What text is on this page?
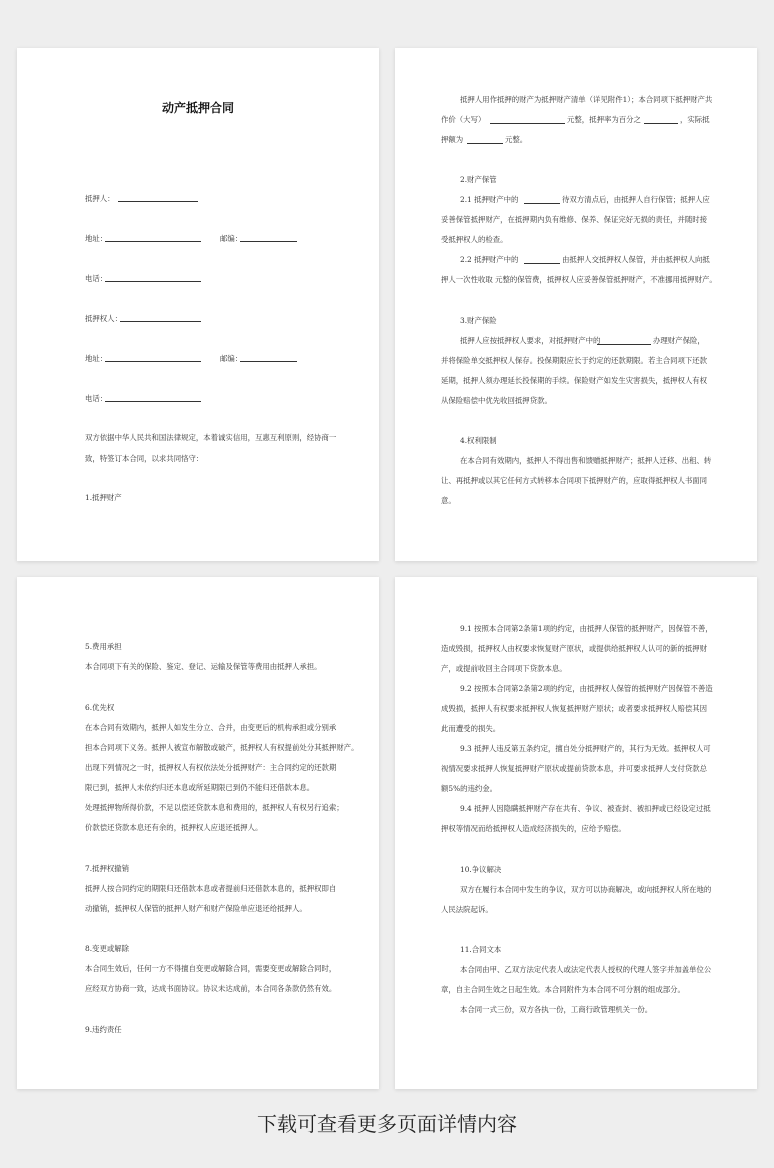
动产抵押合同
抵押人：
地址：	邮编：
电话：
抵押权人：
地址：	邮编：
电话：
双方依据中华人民共和国法律规定，本着诚实信用，互惠互利原则，经协商一
致，特签订本合同，以求共同恪守：
1.抵押财产
抵押人用作抵押的财产为抵押财产清单（详见附件1）；本合同项下抵押财产共
作价（大写）	元整，抵押率为百分之	，实际抵
押额为	元整。
2.财产保管
2.1 抵押财产中的	待双方清点后，由抵押人自行保管；抵押人应
妥善保管抵押财产，在抵押期内负有维修、保养、保证完好无损的责任，并随时接
受抵押权人的检查。
2.2 抵押财产中的	由抵押人交抵押权人保管，并由抵押权人向抵
押人一次性收取 元整的保管费，抵押权人应妥善保管抵押财产，不准挪用抵押财产。
3.财产保险
抵押人应按抵押权人要求，对抵押财产中的	办理财产保险，
并将保险单交抵押权人保存。投保期限应长于约定的还款期限。若主合同项下还款
延期，抵押人须办理延长投保期的手续。保险财产如发生灾害损失，抵押权人有权
从保险赔偿中优先收回抵押贷款。
4.权利限制
在本合同有效期内，抵押人不得出售和馈赠抵押财产；抵押人迁移、出租、转
让、再抵押或以其它任何方式转移本合同项下抵押财产的，应取得抵押权人书面同
意。
5.费用承担
本合同项下有关的保险、鉴定、登记、运输及保管等费用由抵押人承担。
6.优先权
在本合同有效期内，抵押人如发生分立、合并，由变更后的机构承担或分别承
担本合同项下义务。抵押人被宣布解散或破产，抵押权人有权提前处分其抵押财产。
出现下列情况之一时，抵押权人有权依法处分抵押财产：主合同约定的还款期
限已到，抵押人未依约归还本息或所延期限已到仍不能归还借款本息。
处理抵押物所得价款，不足以偿还贷款本息和费用的，抵押权人有权另行追索；
价款偿还贷款本息还有余的，抵押权人应退还抵押人。
7.抵押权撤销
抵押人按合同约定的期限归还借款本息或者提前归还借款本息的，抵押权即自
动撤销，抵押权人保管的抵押人财产和财产保险单应退还给抵押人。
8.变更或解除
本合同生效后，任何一方不得擅自变更或解除合同，需要变更或解除合同时，
应经双方协商一致，达成书面协议。协议未达成前，本合同各条款仍然有效。
9.违约责任
9.1 按照本合同第2条第1项的约定，由抵押人保管的抵押财产，因保管不善，
造成毁损，抵押权人由权要求恢复财产原状，或提供给抵押权人认可的新的抵押财
产，或提前收回主合同项下贷款本息。
9.2 按照本合同第2条第2项的约定，由抵押权人保管的抵押财产因保管不善造
成毁损，抵押人有权要求抵押权人恢复抵押财产原状；或者要求抵押权人赔偿其因
此而遭受的损失。
9.3 抵押人违反第五条约定，擅自处分抵押财产的，其行为无效。抵押权人可
视情况要求抵押人恢复抵押财产原状或提前贷款本息，并可要求抵押人支付贷款总
额5%的违约金。
9.4 抵押人因隐瞒抵押财产存在共有、争议、被查封、被扣押或已经设定过抵
押权等情况而给抵押权人造成经济损失的，应给予赔偿。
10.争议解决
双方在履行本合同中发生的争议，双方可以协商解决，或向抵押权人所在地的
人民法院起诉。
11.合同文本
本合同由甲、乙双方法定代表人或法定代表人授权的代理人签字并加盖单位公
章，自主合同生效之日起生效。本合同附件为本合同不可分割的组成部分。
本合同一式三份，双方各执一份，工商行政管理机关一份。
下载可查看更多页面详情内容
